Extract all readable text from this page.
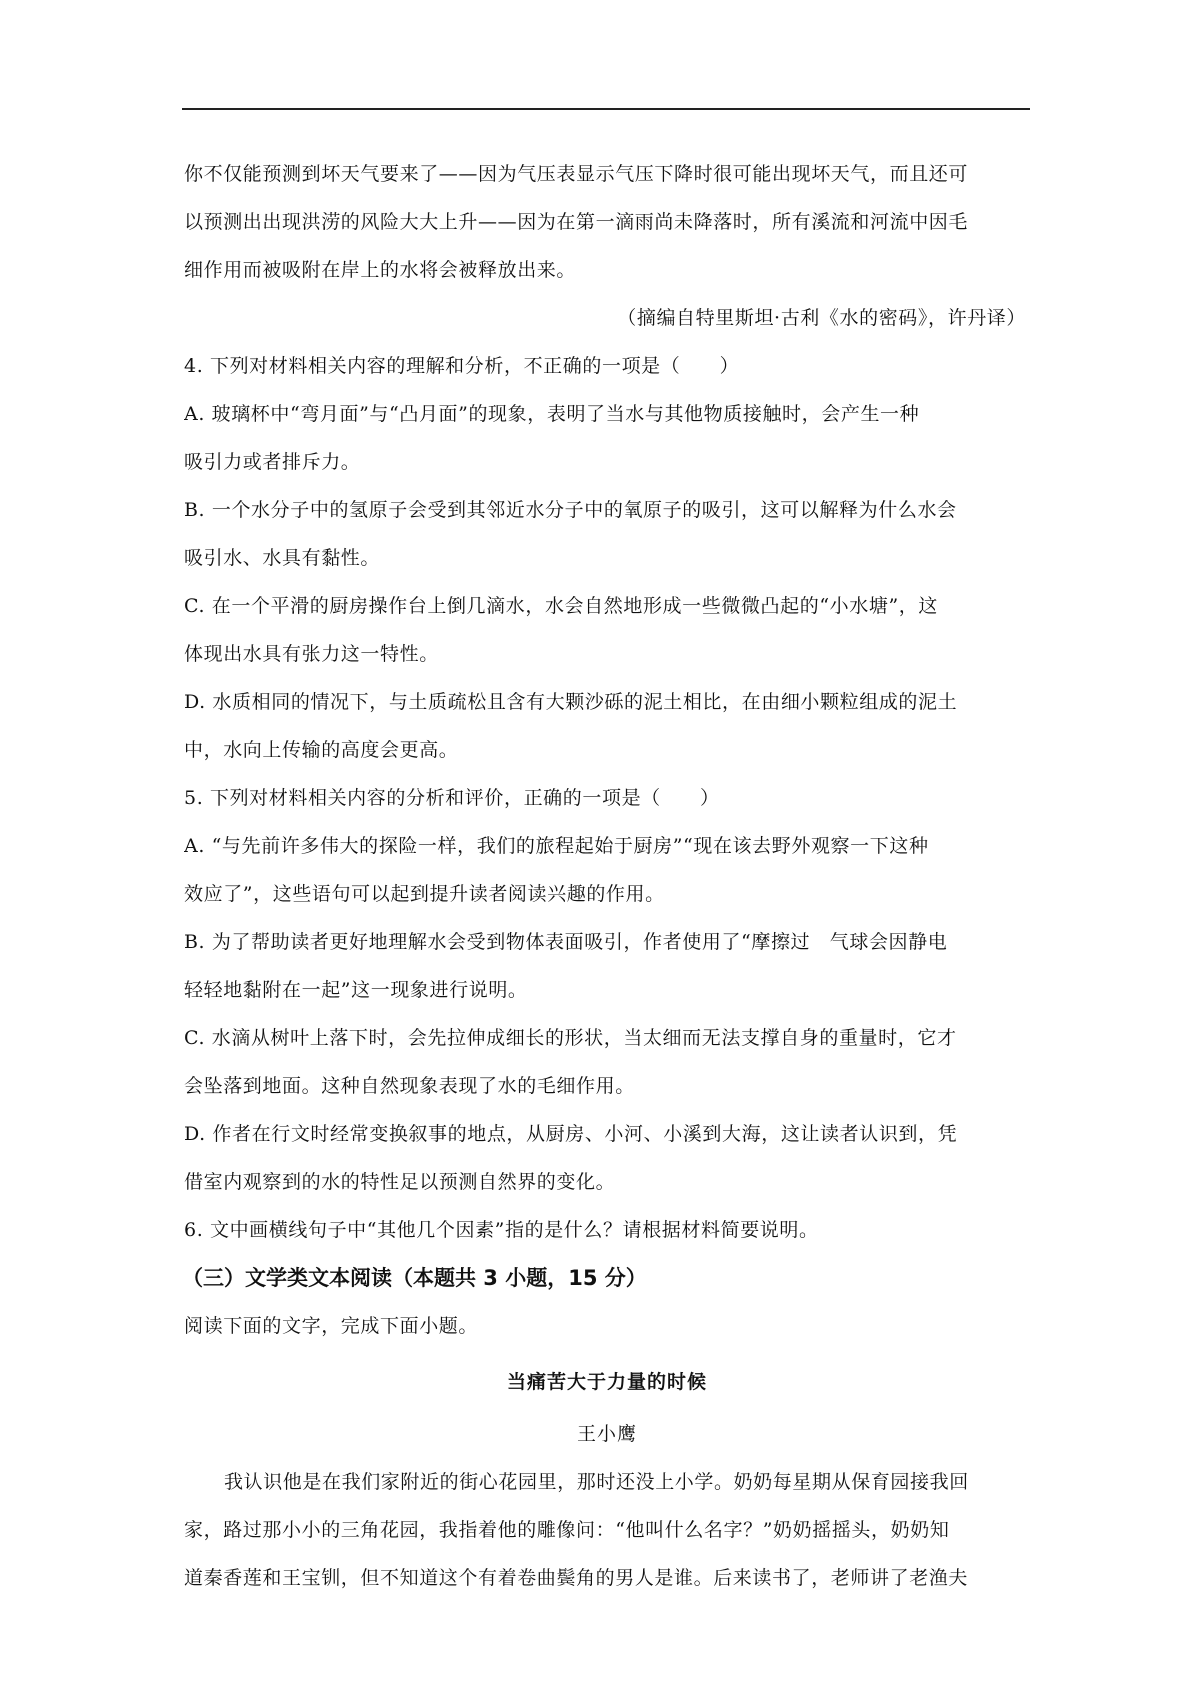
你不仅能预测到坏天气要来了——因为气压表显示气压下降时很可能出现坏天气，而且还可
以预测出出现洪涝的风险大大上升——因为在第一滴雨尚未降落时，所有溪流和河流中因毛
细作用而被吸附在岸上的水将会被释放出来。
（摘编自特里斯坦·古利《水的密码》，许丹译）
4. 下列对材料相关内容的理解和分析，不正确的一项是（　　）
A. 玻璃杯中“弯月面”与“凸月面”的现象，表明了当水与其他物质接触时，会产生一种
吸引力或者排斥力。
B. 一个水分子中的氢原子会受到其邻近水分子中的氧原子的吸引，这可以解释为什么水会
吸引水、水具有黏性。
C. 在一个平滑的厨房操作台上倒几滴水，水会自然地形成一些微微凸起的“小水塘”，这
体现出水具有张力这一特性。
D. 水质相同的情况下，与土质疏松且含有大颗沙砾的泥土相比，在由细小颗粒组成的泥土
中，水向上传输的高度会更高。
5. 下列对材料相关内容的分析和评价，正确的一项是（　　）
A. “与先前许多伟大的探险一样，我们的旅程起始于厨房”“现在该去野外观察一下这种
效应了”，这些语句可以起到提升读者阅读兴趣的作用。
B. 为了帮助读者更好地理解水会受到物体表面吸引，作者使用了“摩擦过　气球会因静电
轻轻地黏附在一起”这一现象进行说明。
C. 水滴从树叶上落下时，会先拉伸成细长的形状，当太细而无法支撑自身的重量时，它才
会坠落到地面。这种自然现象表现了水的毛细作用。
D. 作者在行文时经常变换叙事的地点，从厨房、小河、小溪到大海，这让读者认识到，凭
借室内观察到的水的特性足以预测自然界的变化。
6. 文中画横线句子中“其他几个因素”指的是什么？请根据材料简要说明。
（三）文学类文本阅读（本题共 3 小题，15 分）
阅读下面的文字，完成下面小题。
当痛苦大于力量的时候
王小鹰
我认识他是在我们家附近的街心花园里，那时还没上小学。奶奶每星期从保育园接我回
家，路过那小小的三角花园，我指着他的雕像问：“他叫什么名字？”奶奶摇摇头，奶奶知
道秦香莲和王宝钏，但不知道这个有着卷曲鬓角的男人是谁。后来读书了，老师讲了老渔夫
